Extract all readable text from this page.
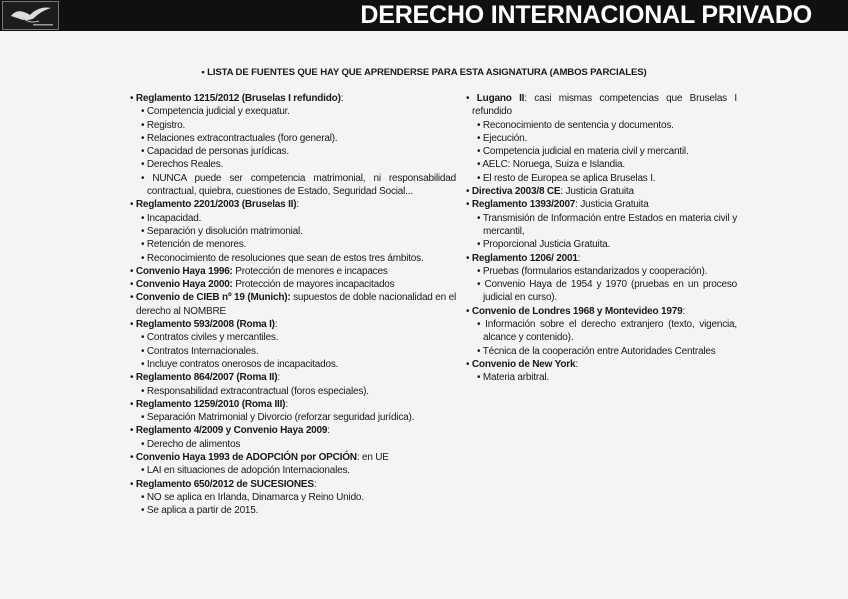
DERECHO INTERNACIONAL PRIVADO
• LISTA DE FUENTES QUE HAY QUE APRENDERSE PARA ESTA ASIGNATURA (AMBOS PARCIALES)

• Reglamento 1215/2012 (Bruselas I refundido):

• Competencia judicial y exequatur.

• Registro.

• Relaciones extracontractuales (foro general).

• Capacidad de personas jurídicas.

• Derechos Reales.

• NUNCA puede ser competencia matrimonial, ni responsabilidad contractual, quiebra, cuestiones de Estado, Seguridad Social...

• Reglamento 2201/2003 (Bruselas II):

• Incapacidad.

• Separación y disolución matrimonial.

• Retención de menores.

• Reconocimiento de resoluciones que sean de estos tres ámbitos.

• Convenio Haya 1996: Protección de menores e incapaces

• Convenio Haya 2000: Protección de mayores incapacitados

• Convenio de CIEB nº 19 (Munich): supuestos de doble nacionalidad en el derecho al NOMBRE

• Reglamento 593/2008 (Roma I):

• Contratos civiles y mercantiles.

• Contratos Internacionales.

• Incluye contratos onerosos de incapacitados.

• Reglamento 864/2007 (Roma II):

• Responsabilidad extracontractual (foros especiales).

• Reglamento 1259/2010 (Roma III):

• Separación Matrimonial y Divorcio (reforzar seguridad jurídica).

• Reglamento 4/2009 y Convenio Haya 2009:

• Derecho de alimentos

• Convenio Haya 1993 de ADOPCIÓN por OPCIÓN: en UE

• LAI en situaciones de adopción Internacionales.

• Reglamento 650/2012 de SUCESIONES:

• NO se aplica en Irlanda, Dinamarca y Reino Unido.

• Se aplica a partir de 2015.

• Lugano II: casi mismas competencias que Bruselas I refundido

• Reconocimiento de sentencia y documentos.

• Ejecución.

• Competencia judicial en materia civil y mercantil.

• AELC: Noruega, Suiza e Islandia.

• El resto de Europea se aplica Bruselas I.

• Directiva 2003/8 CE: Justicia Gratuita

• Reglamento 1393/2007: Justicia Gratuita

• Transmisión de Información entre Estados en materia civil y mercantil,

• Proporcional Justicia Gratuita.

• Reglamento 1206/ 2001:

• Pruebas (formularios estandarizados y cooperación).

• Convenio Haya de 1954 y 1970 (pruebas en un proceso judicial en curso).

• Convenio de Londres 1968 y Montevideo 1979:

• Información sobre el derecho extranjero (texto, vigencia, alcance y contenido).

• Técnica de la cooperación entre Autoridades Centrales

• Convenio de New York:

• Materia arbitral.
